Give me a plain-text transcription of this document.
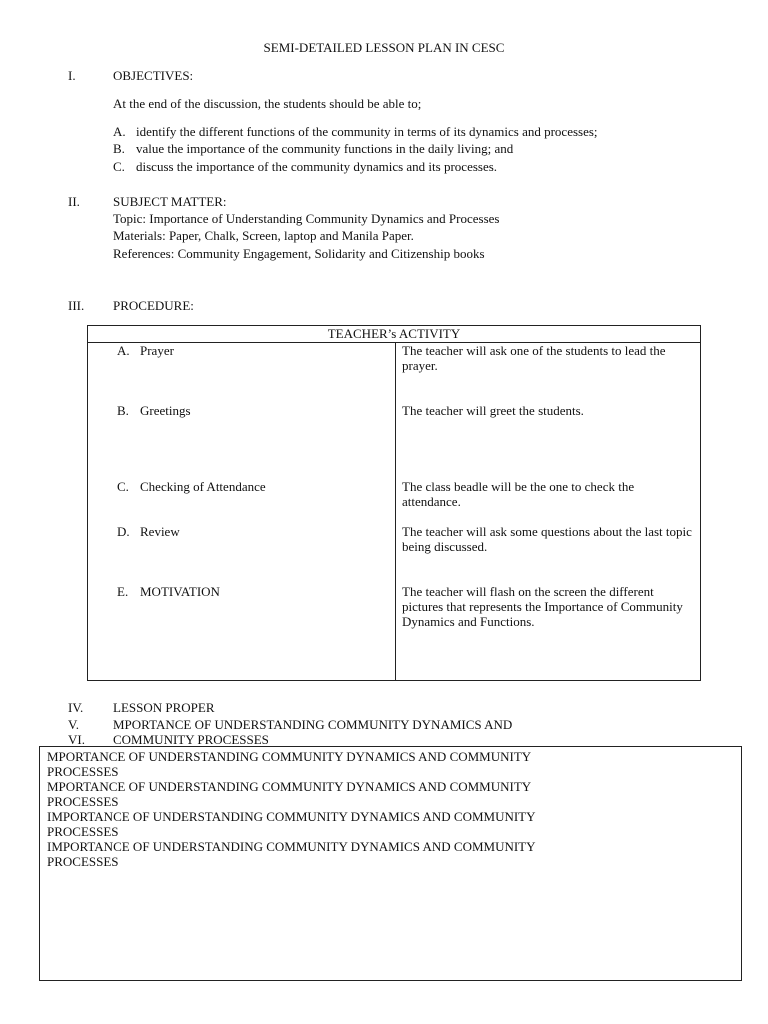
SEMI-DETAILED LESSON PLAN IN CESC
I.	OBJECTIVES:
At the end of the discussion, the students should be able to;
A. identify the different functions of the community in terms of its dynamics and processes;
B. value the importance of the community functions in the daily living; and
C. discuss the importance of the community dynamics and its processes.
II.	SUBJECT MATTER:
Topic: Importance of Understanding Community Dynamics and Processes
Materials: Paper, Chalk, Screen, laptop and Manila Paper.
References: Community Engagement, Solidarity and Citizenship books
III. PROCEDURE:
TEACHER’s ACTIVITY
A. Prayer	The teacher will ask one of the students to lead the prayer.
B. Greetings	The teacher will greet the students.
C. Checking of Attendance	The class beadle will be the one to check the attendance.
D. Review	The teacher will ask some questions about the last topic being discussed.
E. MOTIVATION	The teacher will flash on the screen the different pictures that represents the Importance of Community Dynamics and Functions.
IV. LESSON PROPER
V.	MPORTANCE OF UNDERSTANDING COMMUNITY DYNAMICS AND
VI. COMMUNITY PROCESSES
MPORTANCE OF UNDERSTANDING COMMUNITY DYNAMICS AND COMMUNITY PROCESSES
MPORTANCE OF UNDERSTANDING COMMUNITY DYNAMICS AND COMMUNITY PROCESSES
IMPORTANCE OF UNDERSTANDING COMMUNITY DYNAMICS AND COMMUNITY PROCESSES
IMPORTANCE OF UNDERSTANDING COMMUNITY DYNAMICS AND COMMUNITY PROCESSES
